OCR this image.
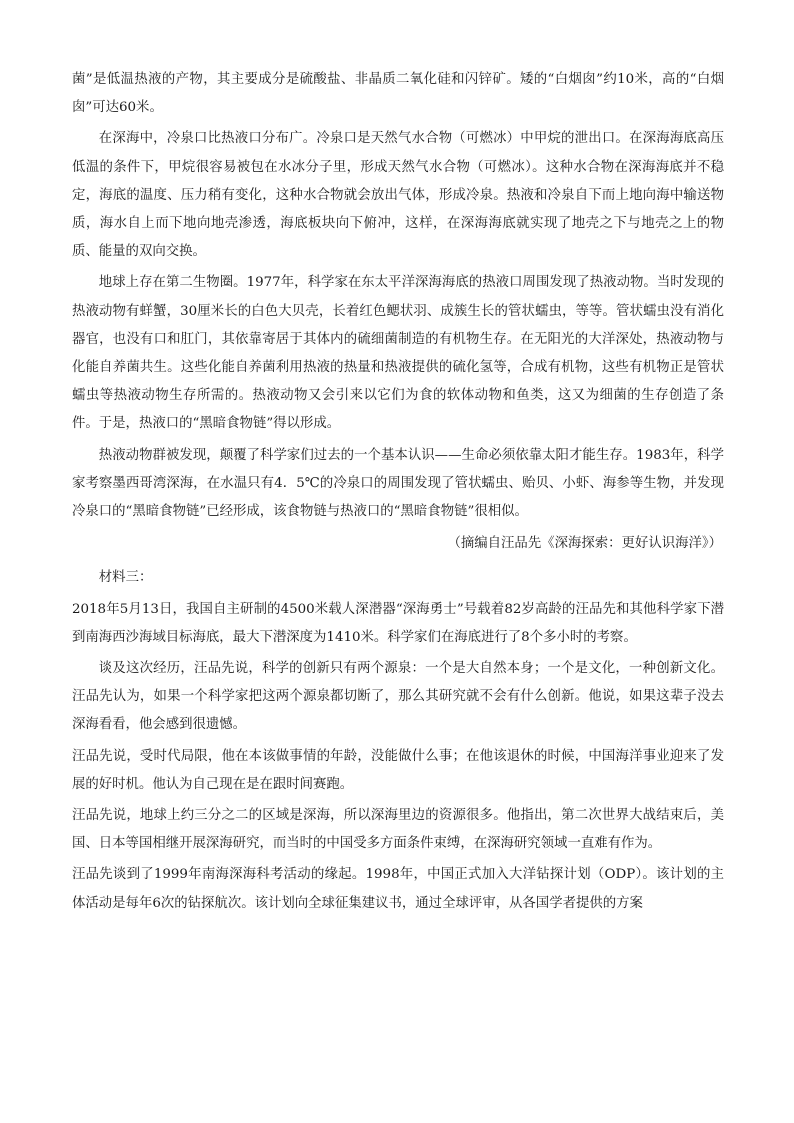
菌”是低温热液的产物，其主要成分是硫酸盐、非晶质二氧化硅和闪锌矿。矮的“白烟囱”约10米，高的“白烟囱”可达60米。

在深海中，冷泉口比热液口分布广。冷泉口是天然气水合物（可燃冰）中甲烷的泄出口。在深海海底高压低温的条件下，甲烷很容易被包在水冰分子里，形成天然气水合物（可燃冰）。这种水合物在深海海底并不稳定，海底的温度、压力稍有变化，这种水合物就会放出气体，形成冷泉。热液和冷泉自下而上地向海中输送物质，海水自上而下地向地壳渗透，海底板块向下俯冲，这样，在深海海底就实现了地壳之下与地壳之上的物质、能量的双向交换。

地球上存在第二生物圈。1977年，科学家在东太平洋深海海底的热液口周围发现了热液动物。当时发现的热液动物有蛘蟹，30厘米长的白色大贝壳，长着红色鳃状羽、成簇生长的管状蠕虫，等等。管状蠕虫没有消化器官，也没有口和肛门，其依靠寄居于其体内的硫细菌制造的有机物生存。在无阳光的大洋深处，热液动物与化能自养菌共生。这些化能自养菌利用热液的热量和热液提供的硫化氢等，合成有机物，这些有机物正是管状蠕虫等热液动物生存所需的。热液动物又会引来以它们为食的软体动物和鱼类，这又为细菌的生存创造了条件。于是，热液口的“黑暗食物链”得以形成。

热液动物群被发现，颠覆了科学家们过去的一个基本认识——生命必须依靠太阳才能生存。1983年，科学家考察墨西哥湾深海，在水温只有4．5℃的冷泉口的周围发现了管状蠕虫、贻贝、小虾、海参等生物，并发现冷泉口的“黑暗食物链”已经形成，该食物链与热液口的“黑暗食物链”很相似。

（摘编自汪品先《深海探索：更好认识海洋》）

材料三：

2018年5月13日，我国自主研制的4500米载人深潜器“深海勇士”号载着82岁高龄的汪品先和其他科学家下潜到南海西沙海域目标海底，最大下潜深度为1410米。科学家们在海底进行了8个多小时的考察。

谈及这次经历，汪品先说，科学的创新只有两个源泉：一个是大自然本身；一个是文化，一种创新文化。汪品先认为，如果一个科学家把这两个源泉都切断了，那么其研究就不会有什么创新。他说，如果这辈子没去深海看看，他会感到很遗憾。

汪品先说，受时代局限，他在本该做事情的年龄，没能做什么事；在他该退休的时候，中国海洋事业迎来了发展的好时机。他认为自己现在是在跟时间赛跑。

汪品先说，地球上约三分之二的区域是深海，所以深海里边的资源很多。他指出，第二次世界大战结束后，美国、日本等国相继开展深海研究，而当时的中国受多方面条件束缚，在深海研究领域一直难有作为。

汪品先谈到了1999年南海深海科考活动的缘起。1998年，中国正式加入大洋钻探计划（ODP）。该计划的主体活动是每年6次的钻探航次。该计划向全球征集建议书，通过全球评审，从各国学者提供的方案
